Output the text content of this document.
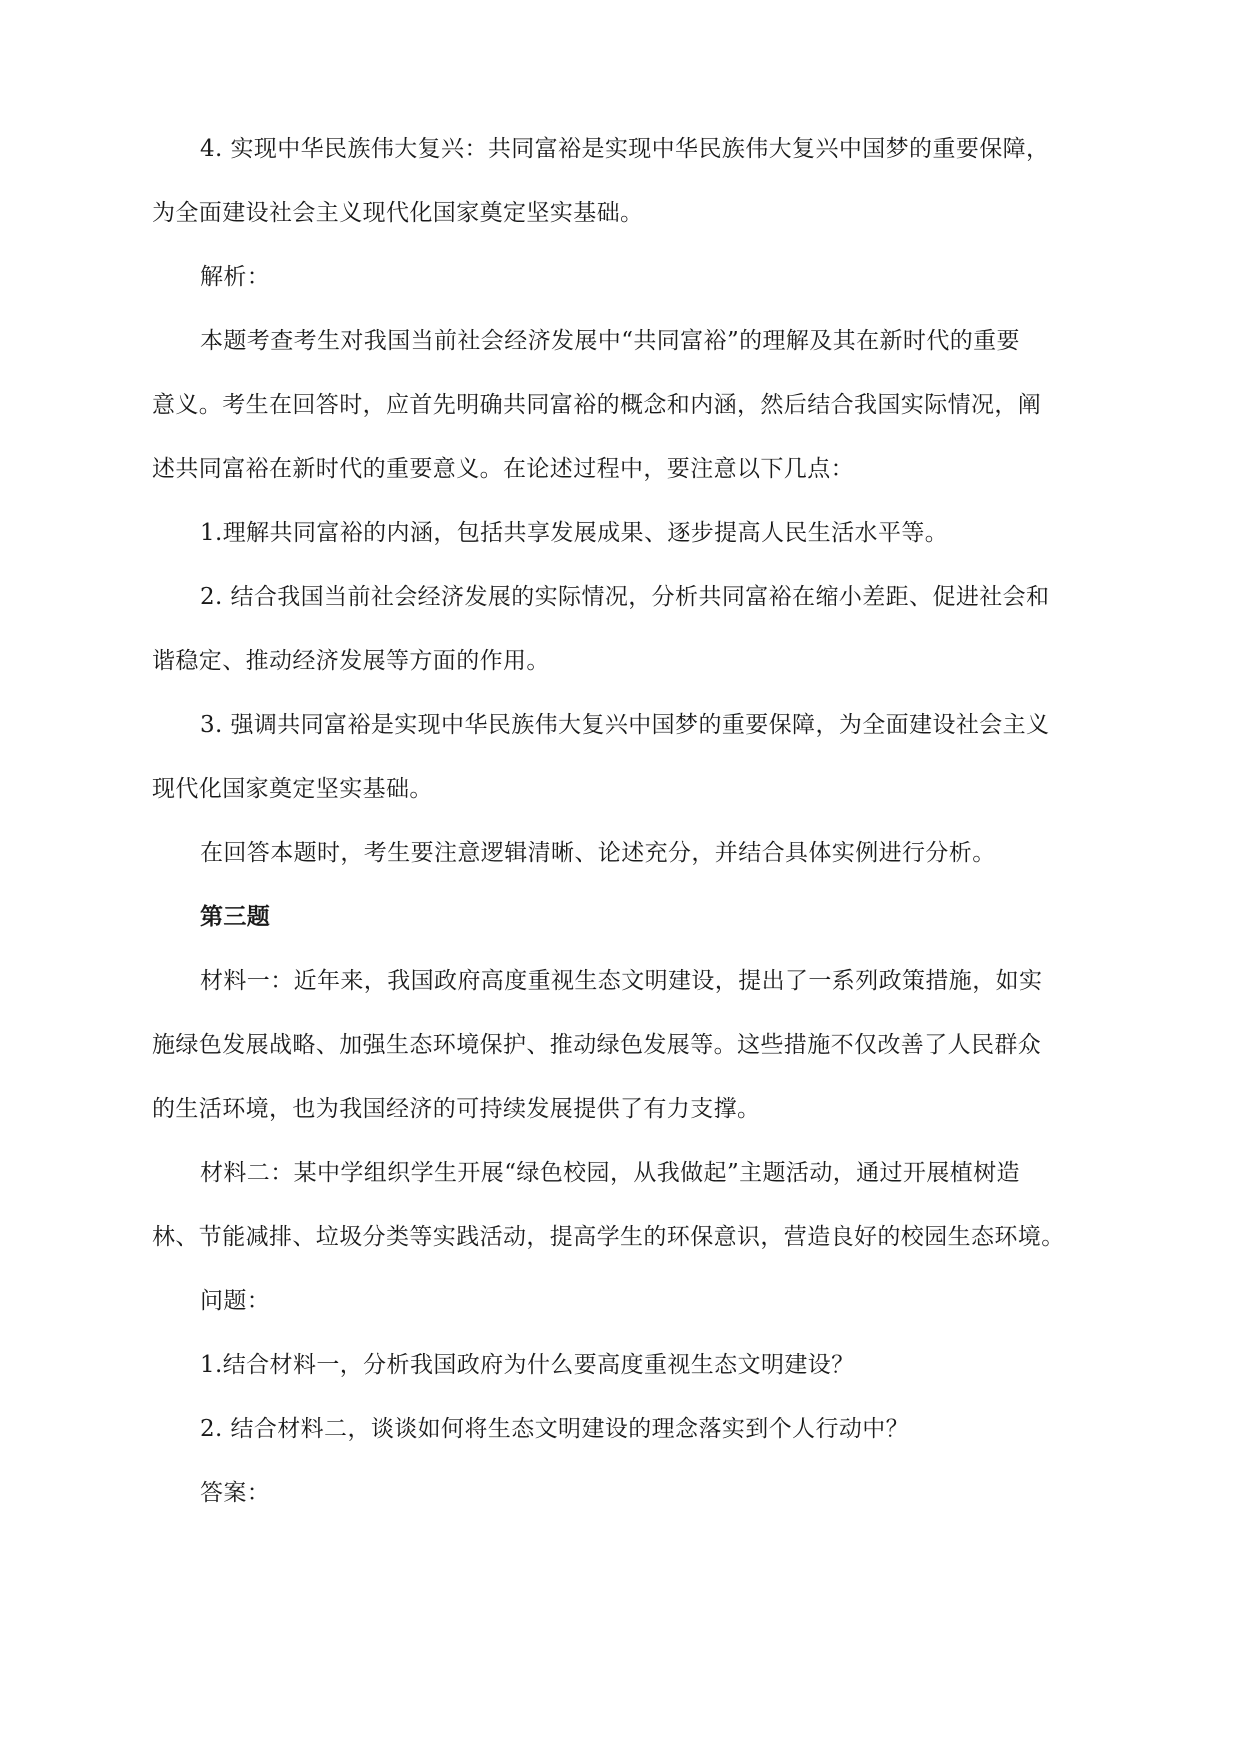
4. 实现中华民族伟大复兴：共同富裕是实现中华民族伟大复兴中国梦的重要保障，
为全面建设社会主义现代化国家奠定坚实基础。
解析：
本题考查考生对我国当前社会经济发展中“共同富裕”的理解及其在新时代的重要
意义。考生在回答时，应首先明确共同富裕的概念和内涵，然后结合我国实际情况，阐
述共同富裕在新时代的重要意义。在论述过程中，要注意以下几点：
1.理解共同富裕的内涵，包括共享发展成果、逐步提高人民生活水平等。
2. 结合我国当前社会经济发展的实际情况，分析共同富裕在缩小差距、促进社会和
谐稳定、推动经济发展等方面的作用。
3. 强调共同富裕是实现中华民族伟大复兴中国梦的重要保障，为全面建设社会主义
现代化国家奠定坚实基础。
在回答本题时，考生要注意逻辑清晰、论述充分，并结合具体实例进行分析。
第三题
材料一：近年来，我国政府高度重视生态文明建设，提出了一系列政策措施，如实
施绿色发展战略、加强生态环境保护、推动绿色发展等。这些措施不仅改善了人民群众
的生活环境，也为我国经济的可持续发展提供了有力支撑。
材料二：某中学组织学生开展“绿色校园，从我做起”主题活动，通过开展植树造
林、节能减排、垃圾分类等实践活动，提高学生的环保意识，营造良好的校园生态环境。
问题：
1.结合材料一，分析我国政府为什么要高度重视生态文明建设？
2. 结合材料二，谈谈如何将生态文明建设的理念落实到个人行动中？
答案：
